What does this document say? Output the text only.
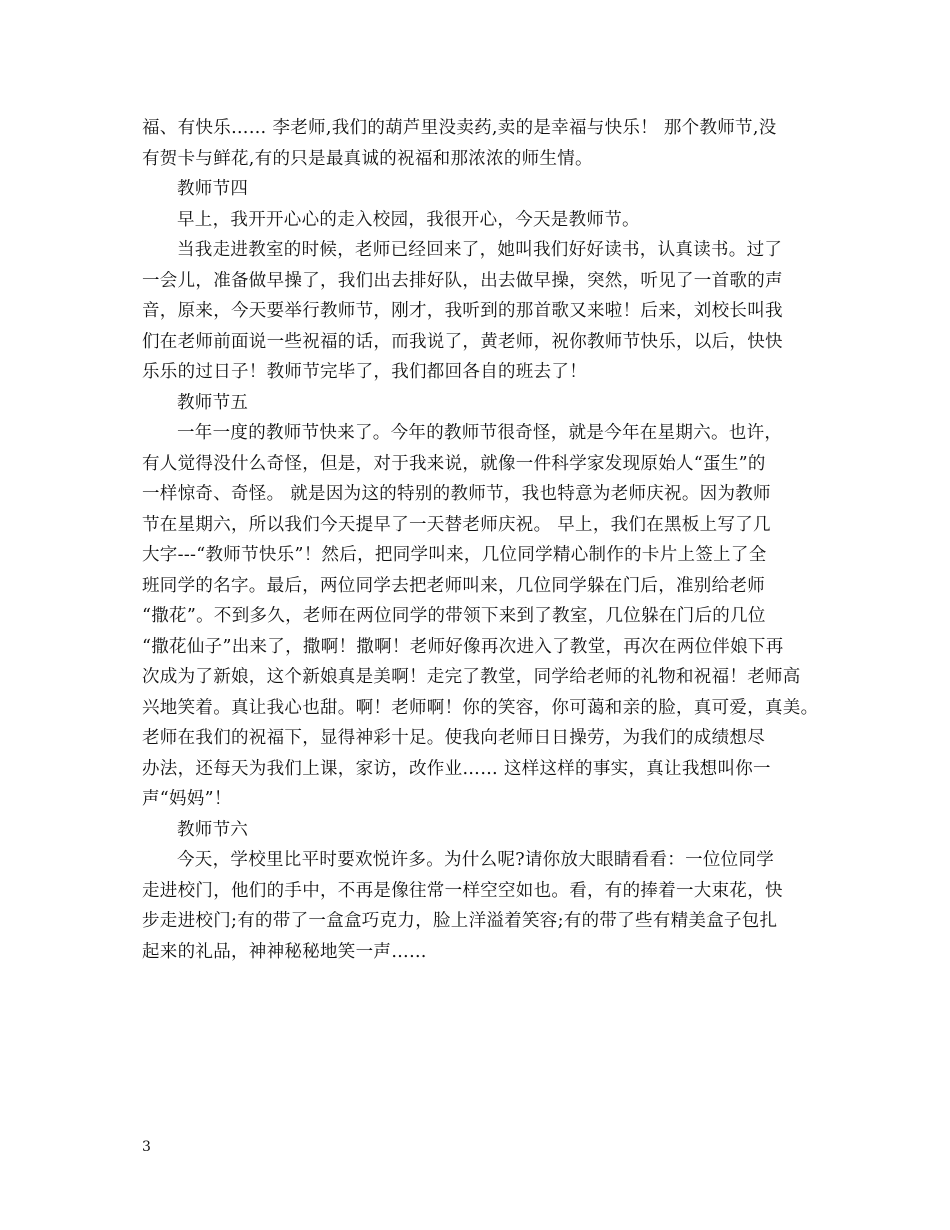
福、有快乐…… 李老师,我们的葫芦里没卖药,卖的是幸福与快乐！ 那个教师节,没
有贺卡与鲜花,有的只是最真诚的祝福和那浓浓的师生情。
教师节四
早上，我开开心心的走入校园，我很开心，今天是教师节。
当我走进教室的时候，老师已经回来了，她叫我们好好读书，认真读书。过了
一会儿，准备做早操了，我们出去排好队，出去做早操，突然，听见了一首歌的声
音，原来，今天要举行教师节，刚才，我听到的那首歌又来啦！后来，刘校长叫我
们在老师前面说一些祝福的话，而我说了，黄老师，祝你教师节快乐，以后，快快
乐乐的过日子！教师节完毕了，我们都回各自的班去了！
教师节五
一年一度的教师节快来了。今年的教师节很奇怪，就是今年在星期六。也许，
有人觉得没什么奇怪，但是，对于我来说，就像一件科学家发现原始人“蛋生”的
一样惊奇、奇怪。 就是因为这的特别的教师节，我也特意为老师庆祝。因为教师
节在星期六，所以我们今天提早了一天替老师庆祝。 早上，我们在黑板上写了几
大字---“教师节快乐”！然后，把同学叫来，几位同学精心制作的卡片上签上了全
班同学的名字。最后，两位同学去把老师叫来，几位同学躲在门后，准别给老师
“撒花”。不到多久，老师在两位同学的带领下来到了教室，几位躲在门后的几位
“撒花仙子”出来了，撒啊！撒啊！老师好像再次进入了教堂，再次在两位伴娘下再
次成为了新娘，这个新娘真是美啊！走完了教堂，同学给老师的礼物和祝福！老师高
兴地笑着。真让我心也甜。啊！老师啊！你的笑容，你可蔼和亲的脸，真可爱，真美。
老师在我们的祝福下，显得神彩十足。使我向老师日日操劳，为我们的成绩想尽
办法，还每天为我们上课，家访，改作业…… 这样这样的事实，真让我想叫你一
声“妈妈”！
教师节六
今天，学校里比平时要欢悦许多。为什么呢?请你放大眼睛看看：一位位同学
走进校门，他们的手中，不再是像往常一样空空如也。看，有的捧着一大束花，快
步走进校门;有的带了一盒盒巧克力，脸上洋溢着笑容;有的带了些有精美盒子包扎
起来的礼品，神神秘秘地笑一声……
3
